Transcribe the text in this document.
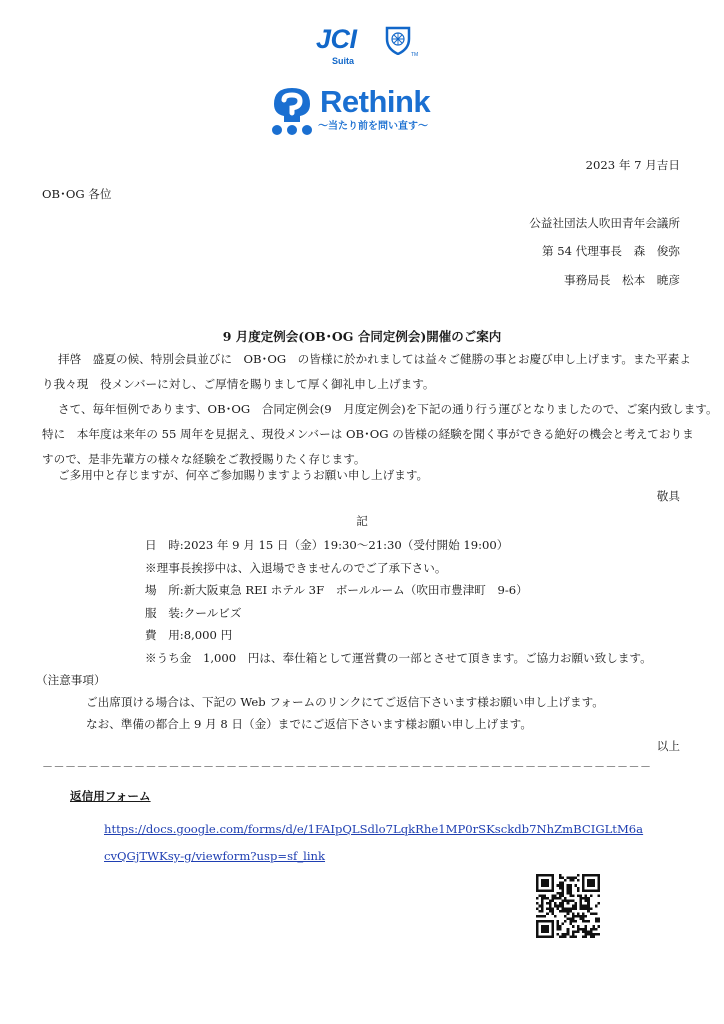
JCI
Suita
TM
Rethink
〜当たり前を問い直す〜
2023 年 7 月吉日
OB･OG 各位
公益社団法人吹田青年会議所
第 54 代理事長　森　俊弥
事務局長　松本　暁彦
9 月度定例会(OB･OG 合同定例会)開催のご案内
拝啓　盛夏の候、特別会員並びに　OB･OG　の皆様に於かれましては益々ご健勝の事とお慶び申し上げます。また平素よ
り我々現　役メンバーに対し、ご厚情を賜りまして厚く御礼申し上げます。
さて、毎年恒例であります、OB･OG　合同定例会(9　月度定例会)を下記の通り行う運びとなりましたので、ご案内致します。
特に　本年度は来年の 55 周年を見据え、現役メンバーは OB･OG の皆様の経験を聞く事ができる絶好の機会と考えておりま
すので、是非先輩方の様々な経験をご教授賜りたく存じます。
ご多用中と存じますが、何卒ご参加賜りますようお願い申し上げます。
敬具
記
日　時:2023 年 9 月 15 日（金）19:30〜21:30（受付開始 19:00）
※理事長挨拶中は、入退場できませんのでご了承下さい。
場　所:新大阪東急 REI ホテル 3F　ボールルーム（吹田市豊津町　9-6）
服　装:クールビズ
費　用:8,000 円
※うち金　1,000　円は、奉仕箱として運営費の一部とさせて頂きます。ご協力お願い致します。
（注意事項）
ご出席頂ける場合は、下記の Web フォームのリンクにてご返信下さいます様お願い申し上げます。
なお、準備の都合上 9 月 8 日（金）までにご返信下さいます様お願い申し上げます。
以上
－－－－－－－－－－－－－－－－－－－－－－－－－－－－－－－－－－－－－－－－－－－－－－－－－－－－－
返信用フォーム
https://docs.google.com/forms/d/e/1FAIpQLSdlo7LqkRhe1MP0rSKsckdb7NhZmBCIGLtM6a
cvQGjTWKsy-g/viewform?usp=sf_link
